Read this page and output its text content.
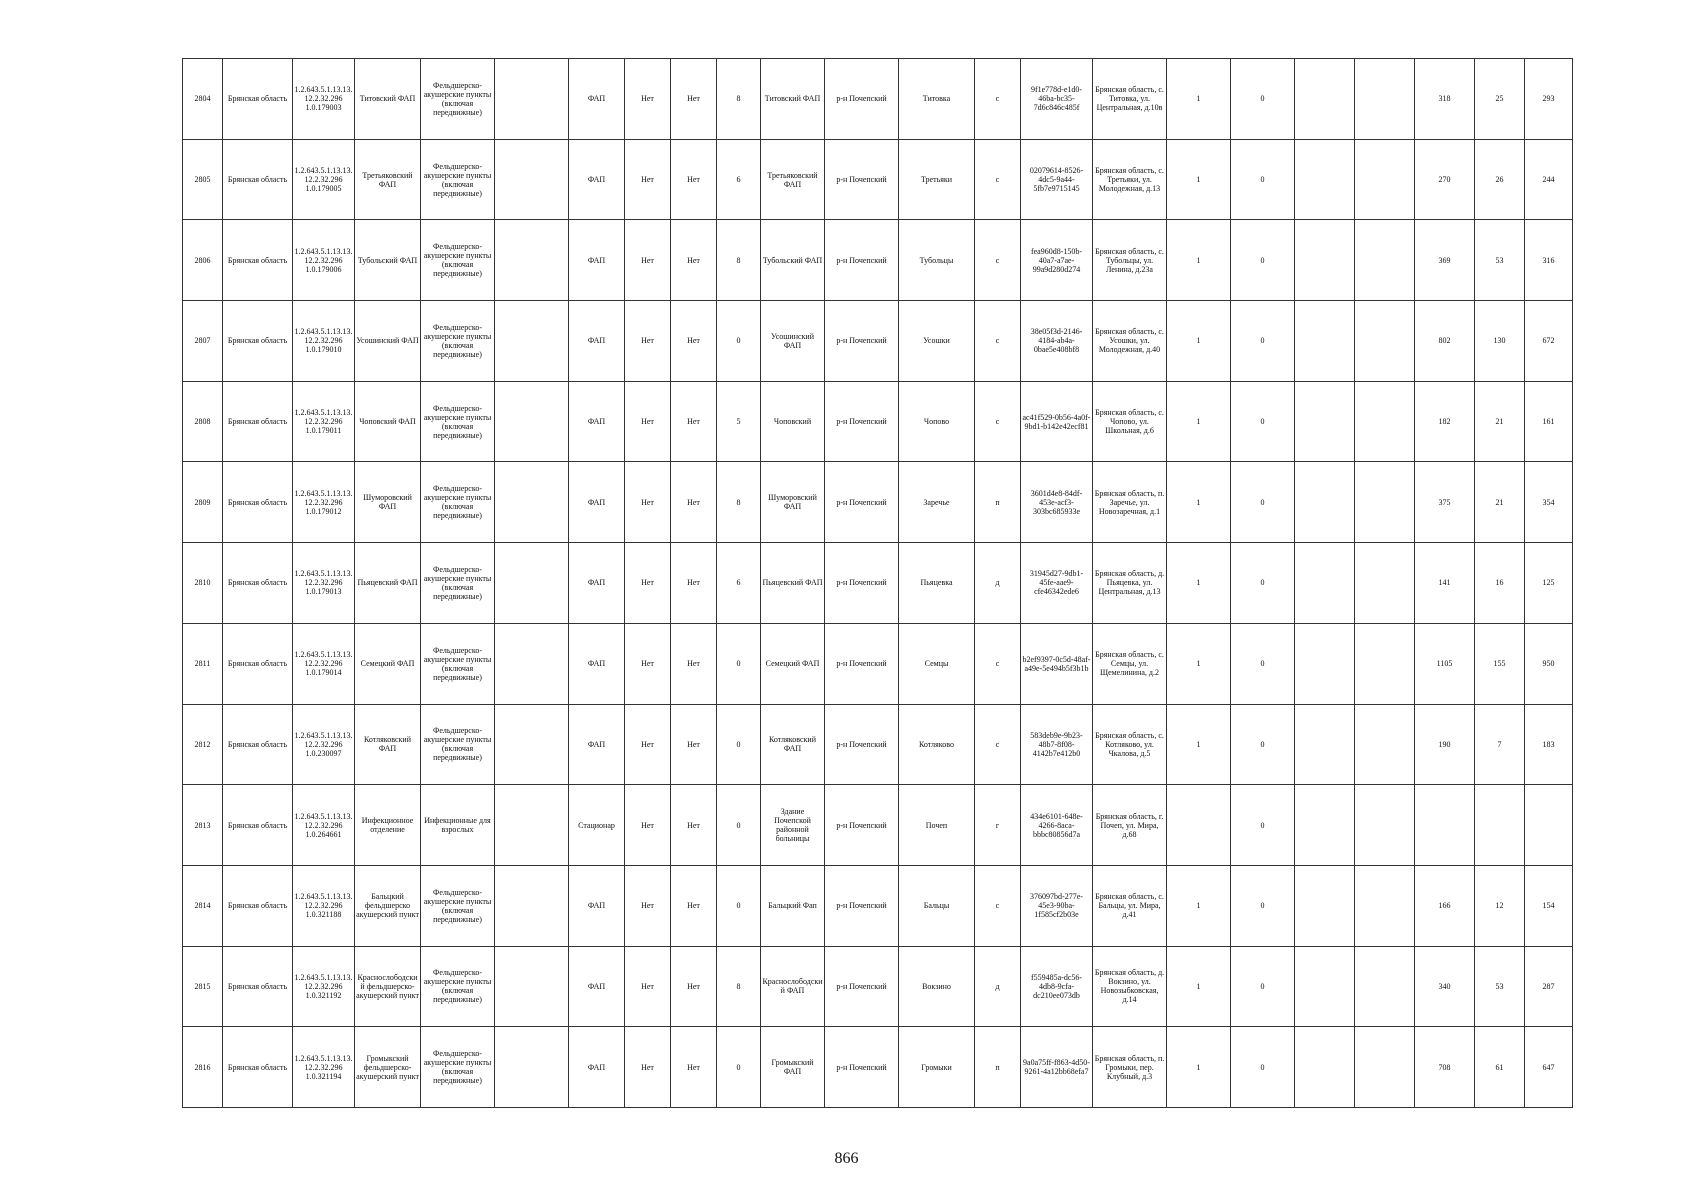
2804	Брянская область	1.2.643.5.1.13.13.12.2.32.296 1.0.179003	Титовский ФАП	Фельдшерско-акушерские пункты (включая передвижные)		ФАП	Нет	Нет	8	Титовский ФАП	р-н Почепский	Титовка	с	9f1e778d-e1d0-46ba-bc35-7d6c846c485f	Брянская область, с. Титовка, ул. Центральная, д.10в	1	0			318	25	293
2805	Брянская область	1.2.643.5.1.13.13.12.2.32.296 1.0.179005	Третьяковский ФАП	Фельдшерско-акушерские пункты (включая передвижные)		ФАП	Нет	Нет	6	Третьяковский ФАП	р-н Почепский	Третьяки	с	02079614-8526-4dc5-9a44-5fb7e9715145	Брянская область, с. Третьяки, ул. Молодежная, д.13	1	0			270	26	244
2806	Брянская область	1.2.643.5.1.13.13.12.2.32.296 1.0.179006	Тубольский ФАП	Фельдшерско-акушерские пункты (включая передвижные)		ФАП	Нет	Нет	8	Тубольский ФАП	р-н Почепский	Тубольцы	с	fea960d8-150b-40a7-a7ae-99a9d280d274	Брянская область, с. Тубольцы, ул. Ленина, д.23а	1	0			369	53	316
2807	Брянская область	1.2.643.5.1.13.13.12.2.32.296 1.0.179010	Усошинский ФАП	Фельдшерско-акушерские пункты (включая передвижные)		ФАП	Нет	Нет	0	Усошинский ФАП	р-н Почепский	Усошки	с	38e05f3d-2146-4184-ab4a-0bae5e408bf8	Брянская область, с. Усошки, ул. Молодежная, д.40	1	0			802	130	672
2808	Брянская область	1.2.643.5.1.13.13.12.2.32.296 1.0.179011	Чоповский ФАП	Фельдшерско-акушерские пункты (включая передвижные)		ФАП	Нет	Нет	5	Чоповский	р-н Почепский	Чопово	с	ac41f529-0b56-4a0f-9bd1-b142e42ecf81	Брянская область, с. Чопово, ул. Школьная, д.6	1	0			182	21	161
2809	Брянская область	1.2.643.5.1.13.13.12.2.32.296 1.0.179012	Шуморовский ФАП	Фельдшерско-акушерские пункты (включая передвижные)		ФАП	Нет	Нет	8	Шуморовский ФАП	р-н Почепский	Заречье	п	3601d4e8-84df-453e-acf3-303bc685933e	Брянская область, п. Заречье, ул. Новозаречная, д.1	1	0			375	21	354
2810	Брянская область	1.2.643.5.1.13.13.12.2.32.296 1.0.179013	Пьяцевский ФАП	Фельдшерско-акушерские пункты (включая передвижные)		ФАП	Нет	Нет	6	Пьяцевский ФАП	р-н Почепский	Пьяцевка	д	31945d27-9db1-45fe-aae9-cfe46342ede6	Брянская область, д. Пьяцевка, ул. Центральная, д.13	1	0			141	16	125
2811	Брянская область	1.2.643.5.1.13.13.12.2.32.296 1.0.179014	Семецкий ФАП	Фельдшерско-акушерские пункты (включая передвижные)		ФАП	Нет	Нет	0	Семецкий ФАП	р-н Почепский	Семцы	с	b2ef9397-0c5d-48af-a49e-5e494b5f3b1b	Брянская область, с. Семцы, ул. Щемелинина, д.2	1	0			1105	155	950
2812	Брянская область	1.2.643.5.1.13.13.12.2.32.296 1.0.230097	Котляковский ФАП	Фельдшерско-акушерские пункты (включая передвижные)		ФАП	Нет	Нет	0	Котляковский ФАП	р-н Почепский	Котляково	с	583deb9e-9b23-48b7-8f08-4142b7e412b0	Брянская область, с. Котляково, ул. Чкалова, д.5	1	0			190	7	183
2813	Брянская область	1.2.643.5.1.13.13.12.2.32.296 1.0.264661	Инфекционное отделение	Инфекционные для взрослых		Стационар	Нет	Нет	0	Здание Почепской районной больницы	р-н Почепский	Почеп	г	434e6101-648e-4266-8aca-bbbc80856d7a	Брянская область, г. Почеп, ул. Мира, д.68		0					
2814	Брянская область	1.2.643.5.1.13.13.12.2.32.296 1.0.321188	Бальцкий фельдшерско акушерский пункт	Фельдшерско-акушерские пункты (включая передвижные)		ФАП	Нет	Нет	0	Бальцкий Фап	р-н Почепский	Бальцы	с	376097bd-277e-45e3-90ba-1f585cf2b03e	Брянская область, с. Бальцы, ул. Мира, д.41	1	0			166	12	154
2815	Брянская область	1.2.643.5.1.13.13.12.2.32.296 1.0.321192	Краснослободский фельдшерско-акушерский пункт	Фельдшерско-акушерские пункты (включая передвижные)		ФАП	Нет	Нет	8	Краснослободский ФАП	р-н Почепский	Вокзино	д	f559485a-dc56-4db8-9cfa-dc210ee073db	Брянская область, д. Вокзино, ул. Новозыбковская, д.14	1	0			340	53	287
2816	Брянская область	1.2.643.5.1.13.13.12.2.32.296 1.0.321194	Громыкский фельдшерско-акушерский пункт	Фельдшерско-акушерские пункты (включая передвижные)		ФАП	Нет	Нет	0	Громыкский ФАП	р-н Почепский	Громыки	п	9a0a75ff-f863-4d50-9261-4a12bb68efa7	Брянская область, п. Громыки, пер. Клубный, д.3	1	0			708	61	647
866
